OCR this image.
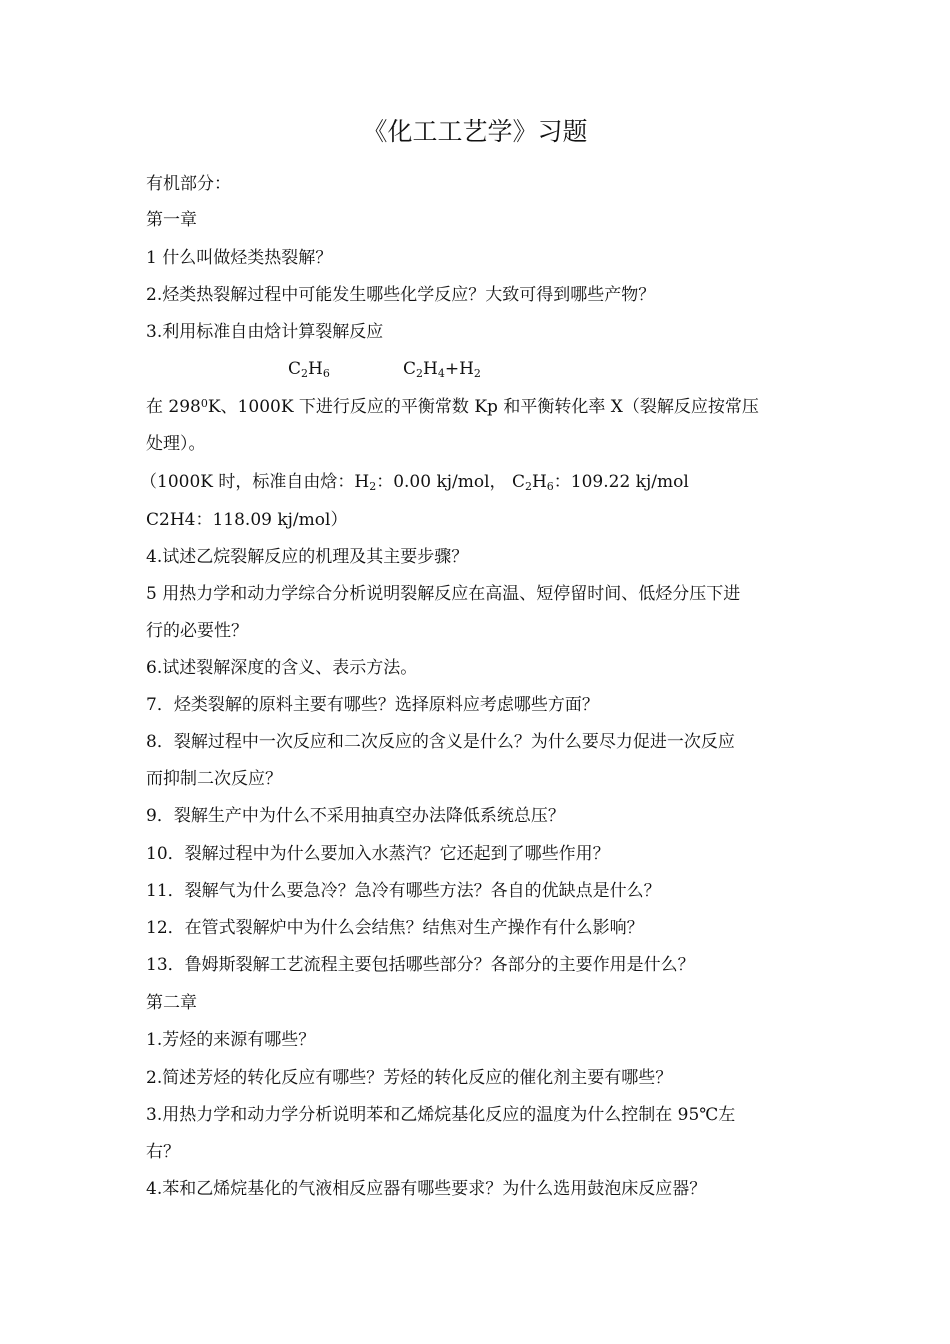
《化工工艺学》习题
有机部分：
第一章
1 什么叫做烃类热裂解？
2.烃类热裂解过程中可能发生哪些化学反应？大致可得到哪些产物？
3.利用标准自由焓计算裂解反应
$C_2H_6$	$C_2H_4+H_2$
在 $298^0K$、1000K 下进行反应的平衡常数 Kp 和平衡转化率 X（裂解反应按常压
处理）。
（1000K 时，标准自由焓：$H_2$：0.00 kj/mol， $C_2H_6$：109.22 kj/mol
C2H4：118.09 kj/mol）
4.试述乙烷裂解反应的机理及其主要步骤？
5 用热力学和动力学综合分析说明裂解反应在高温、短停留时间、低烃分压下进
行的必要性？
6.试述裂解深度的含义、表示方法。
7．烃类裂解的原料主要有哪些？选择原料应考虑哪些方面？
8．裂解过程中一次反应和二次反应的含义是什么？为什么要尽力促进一次反应
而抑制二次反应？
9．裂解生产中为什么不采用抽真空办法降低系统总压？
10．裂解过程中为什么要加入水蒸汽？它还起到了哪些作用？
11．裂解气为什么要急冷？急冷有哪些方法？各自的优缺点是什么？
12．在管式裂解炉中为什么会结焦？结焦对生产操作有什么影响？
13．鲁姆斯裂解工艺流程主要包括哪些部分？各部分的主要作用是什么？
第二章
1.芳烃的来源有哪些？
2.简述芳烃的转化反应有哪些？芳烃的转化反应的催化剂主要有哪些？
3.用热力学和动力学分析说明苯和乙烯烷基化反应的温度为什么控制在 95℃左
右？
4.苯和乙烯烷基化的气液相反应器有哪些要求？为什么选用鼓泡床反应器？
